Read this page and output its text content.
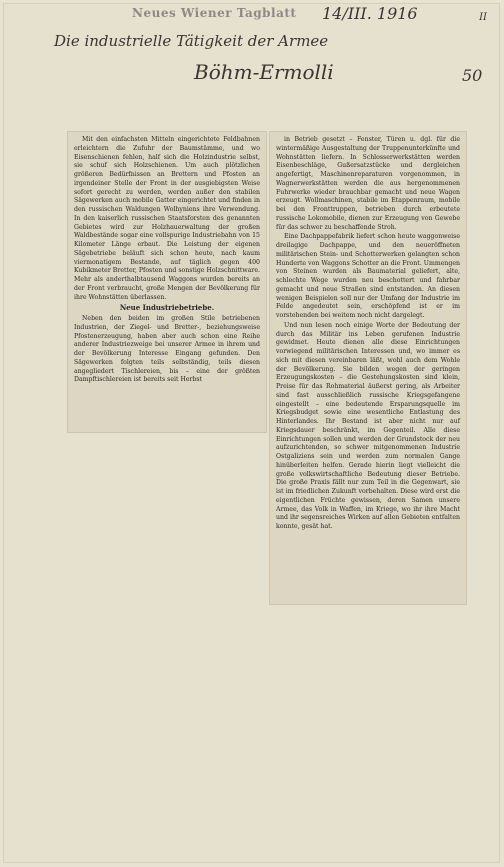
Neues Wiener Tagblatt 14/III. 1916	II
Die industrielle Tätigkeit der Armee
Böhm-Ermolli	50

Mit den einfachsten Mitteln eingerichtete Feldbahnen erleichtern die Zufuhr der Baumstämme, und wo Eisenschienen fehlen, half sich die Holzindustrie selbst, sie schuf sich Holzschienen. Um auch plötzlichen größeren Bedürfnissen an Brettern und Pfosten an irgendeiner Stelle der Front in der ausgiebigsten Weise sofort gerecht zu werden, werden außer den stabilen Sägewerken auch mobile Gatter eingerichtet und finden in den russischen Waldungen Wolhyniens ihre Verwendung. In den kaiserlich russischen Staatsforsten des genannten Gebietes wird zur Holzhauerwaltung der großen Waldbestände sogar eine vollspurige Industriebahn von 15 Kilometer Länge erbaut. Die Leistung der eigenen Sägebetriebe beläuft sich schon heute, nach kaum viermonatigem Bestande, auf täglich gegen 400 Kubikmeter Bretter, Pfosten und sonstige Holzschnittware. Mehr als anderthalbtausend Waggons wurden bereits an der Front verbraucht, große Mengen der Bevölkerung für ihre Wohnstätten überlassen.

Neue Industriebetriebe.

Neben den beiden im großen Stile betriebenen Industrien, der Ziegel- und Bretter-, beziehungsweise Pfostenerzeugung, haben aber auch schon eine Reihe anderer Industriezweige bei unserer Armee in ihrem und der Bevölkerung Interesse Eingang gefunden. Den Sägewerken folgten teils selbständig, teils diesen angegliedert Tischlereien, bis – eine der größten Dampftischlereien ist bereits seit Herbst

in Betrieb gesetzt – Fenster, Türen u. dgl. für die wintermäßige Ausgestaltung der Truppenunterkünfte und Wohnstätten liefern. In Schlosserwerkstätten werden Eisenbeschläge, Gußersatzstücke und dergleichen angefertigt, Maschinenreparaturen vorgenommen, in Wagnerwerkstätten werden die aus hergenommenen Fuhrwerke wieder brauchbar gemacht und neue Wagen erzeugt. Wollmaschinen, stabile im Etappenraum, mobile bei den Fronttruppen, betrieben durch erbeutete russische Lokomobile, dienen zur Erzeugung von Gewebe für das schwer zu beschaffende Stroh.

Eine Dachpappefabrik liefert schon heute waggonweise dreilagige Dachpappe, und den neueröffneten militärischen Stein- und Schotterwerken gelangten schon Hunderte von Waggons Schotter an die Front. Ummengen von Steinen wurden als Baumaterial geliefert, alte, schlechte Wege wurden neu beschottert und fahrbar gemacht und neue Straßen sind entstanden. An diesen wenigen Beispielen soll nur der Umfang der Industrie im Felde angedeutet sein, erschöpfend ist er im vorstehenden bei weitem noch nicht dargelegt.

Und nun lesen noch einige Worte der Bedeutung der durch das Militär ins Leben gerufenen Industrie gewidmet. Heute dienen alle diese Einrichtungen vorwiegend militärischen Interessen und, wo immer es sich mit diesen vereinbaren läßt, wohl auch dem Wohle der Bevölkerung. Sie bilden wegen der geringen Erzeugungskosten – die Gestehungskosten sind klein, Preise für das Rohmaterial äußerst gering, als Arbeiter sind fast ausschließlich russische Kriegsgefangene eingestellt – eine bedeutende Ersparungsquelle im Kriegsbudget sowie eine wesentliche Entlastung des Hinterlandes. Ihr Bestand ist aber nicht nur auf Kriegsdauer beschränkt, im Gegenteil. Alle diese Einrichtungen sollen und werden der Grundstock der neu aufzurichtenden, so schwer mitgenommenen Industrie Ostgaliziens sein und werden zum normalen Gange hinüberleiten helfen. Gerade hierin liegt vielleicht die große volkswirtschaftliche Bedeutung dieser Betriebe. Die große Praxis fällt nur zum Teil in die Gegenwart, sie ist im friedlichen Zukunft vorbehalten. Diese wird erst die eigentlichen Früchte gewissen, deren Samen unsere Armee, das Volk in Waffen, im Kriege, wo ihr ihre Macht und ihr segensreiches Wirken auf allen Gebieten entfalten konnte, gesät hat.
